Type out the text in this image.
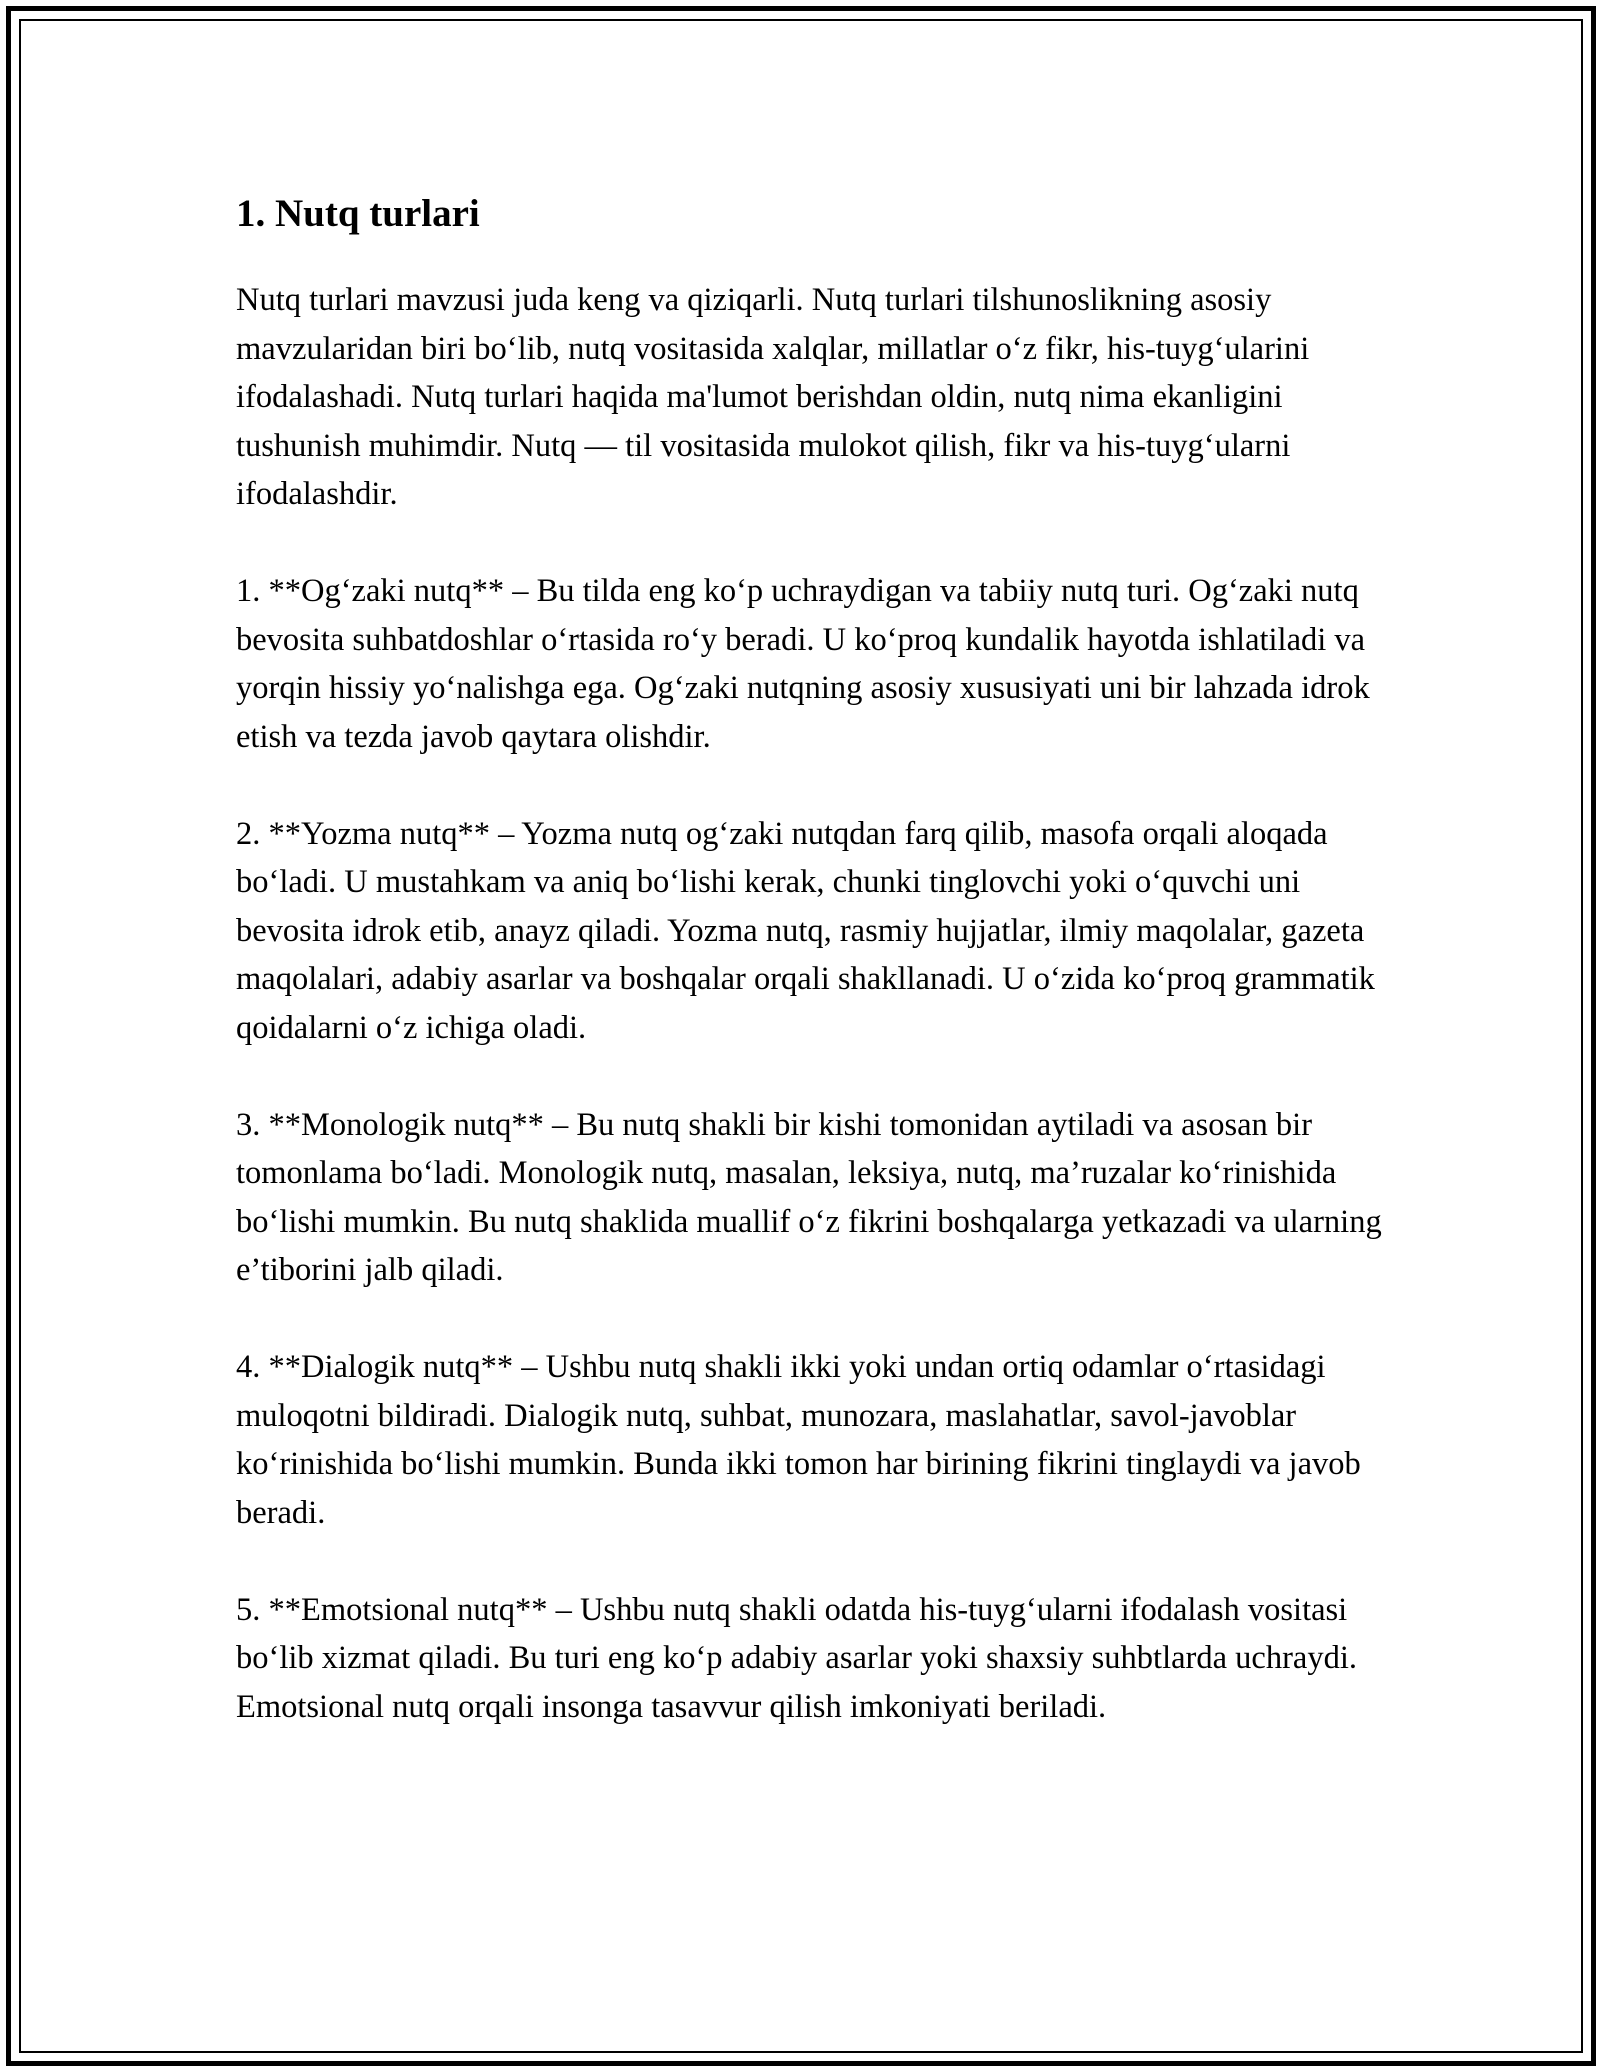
1. Nutq turlari

Nutq turlari mavzusi juda keng va qiziqarli. Nutq turlari tilshunoslikning asosiy mavzularidan biri bo‘lib, nutq vositasida xalqlar, millatlar o‘z fikr, his-tuyg‘ularini ifodalashadi. Nutq turlari haqida ma'lumot berishdan oldin, nutq nima ekanligini tushunish muhimdir. Nutq — til vositasida mulokot qilish, fikr va his-tuyg‘ularni ifodalashdir.

1. **Og‘zaki nutq** – Bu tilda eng ko‘p uchraydigan va tabiiy nutq turi. Og‘zaki nutq bevosita suhbatdoshlar o‘rtasida ro‘y beradi. U ko‘proq kundalik hayotda ishlatiladi va yorqin hissiy yo‘nalishga ega. Og‘zaki nutqning asosiy xususiyati uni bir lahzada idrok etish va tezda javob qaytara olishdir.

2. **Yozma nutq** – Yozma nutq og‘zaki nutqdan farq qilib, masofa orqali aloqada bo‘ladi. U mustahkam va aniq bo‘lishi kerak, chunki tinglovchi yoki o‘quvchi uni bevosita idrok etib, anayz qiladi. Yozma nutq, rasmiy hujjatlar, ilmiy maqolalar, gazeta maqolalari, adabiy asarlar va boshqalar orqali shakllanadi. U o‘zida ko‘proq grammatik qoidalarni o‘z ichiga oladi.

3. **Monologik nutq** – Bu nutq shakli bir kishi tomonidan aytiladi va asosan bir tomonlama bo‘ladi. Monologik nutq, masalan, leksiya, nutq, ma’ruzalar ko‘rinishida bo‘lishi mumkin. Bu nutq shaklida muallif o‘z fikrini boshqalarga yetkazadi va ularning e’tiborini jalb qiladi.

4. **Dialogik nutq** – Ushbu nutq shakli ikki yoki undan ortiq odamlar o‘rtasidagi muloqotni bildiradi. Dialogik nutq, suhbat, munozara, maslahatlar, savol-javoblar ko‘rinishida bo‘lishi mumkin. Bunda ikki tomon har birining fikrini tinglaydi va javob beradi.

5. **Emotsional nutq** – Ushbu nutq shakli odatda his-tuyg‘ularni ifodalash vositasi bo‘lib xizmat qiladi. Bu turi eng ko‘p adabiy asarlar yoki shaxsiy suhbtlarda uchraydi. Emotsional nutq orqali insonga tasavvur qilish imkoniyati beriladi.
